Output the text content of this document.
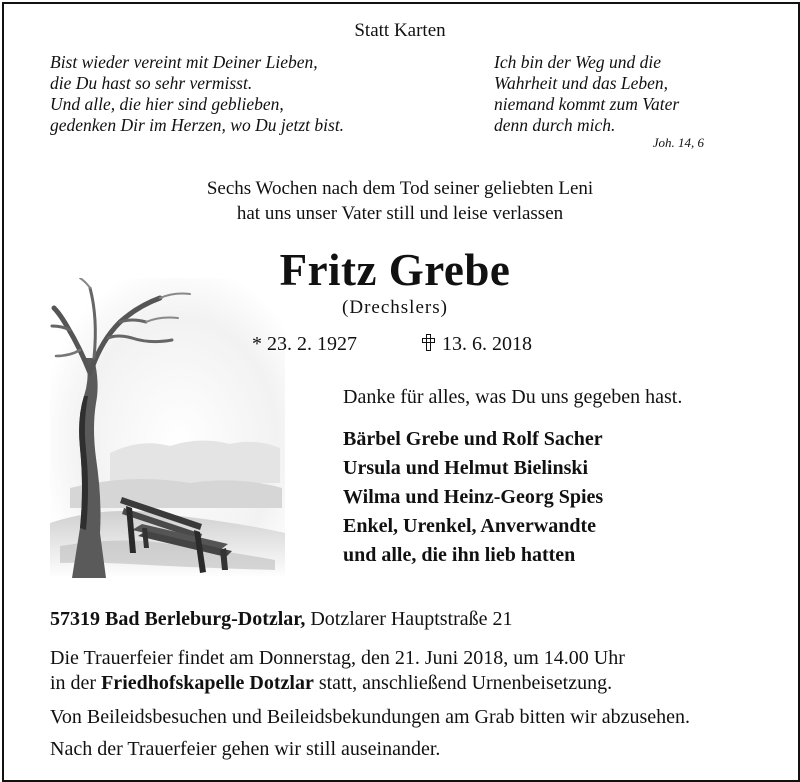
Statt Karten
Bist wieder vereint mit Deiner Lieben,
die Du hast so sehr vermisst.
Und alle, die hier sind geblieben,
gedenken Dir im Herzen, wo Du jetzt bist.
Ich bin der Weg und die
Wahrheit und das Leben,
niemand kommt zum Vater
denn durch mich.
Joh. 14, 6
Sechs Wochen nach dem Tod seiner geliebten Leni
hat uns unser Vater still und leise verlassen
Fritz Grebe
(Drechslers)
* 23. 2. 1927	13. 6. 2018
Danke für alles, was Du uns gegeben hast.
Bärbel Grebe und Rolf Sacher
Ursula und Helmut Bielinski
Wilma und Heinz-Georg Spies
Enkel, Urenkel, Anverwandte
und alle, die ihn lieb hatten
57319 Bad Berleburg-Dotzlar, Dotzlarer Hauptstraße 21
Die Trauerfeier findet am Donnerstag, den 21. Juni 2018, um 14.00 Uhr
in der Friedhofskapelle Dotzlar statt, anschließend Urnenbeisetzung.
Von Beileidsbesuchen und Beileidsbekundungen am Grab bitten wir abzusehen.
Nach der Trauerfeier gehen wir still auseinander.
